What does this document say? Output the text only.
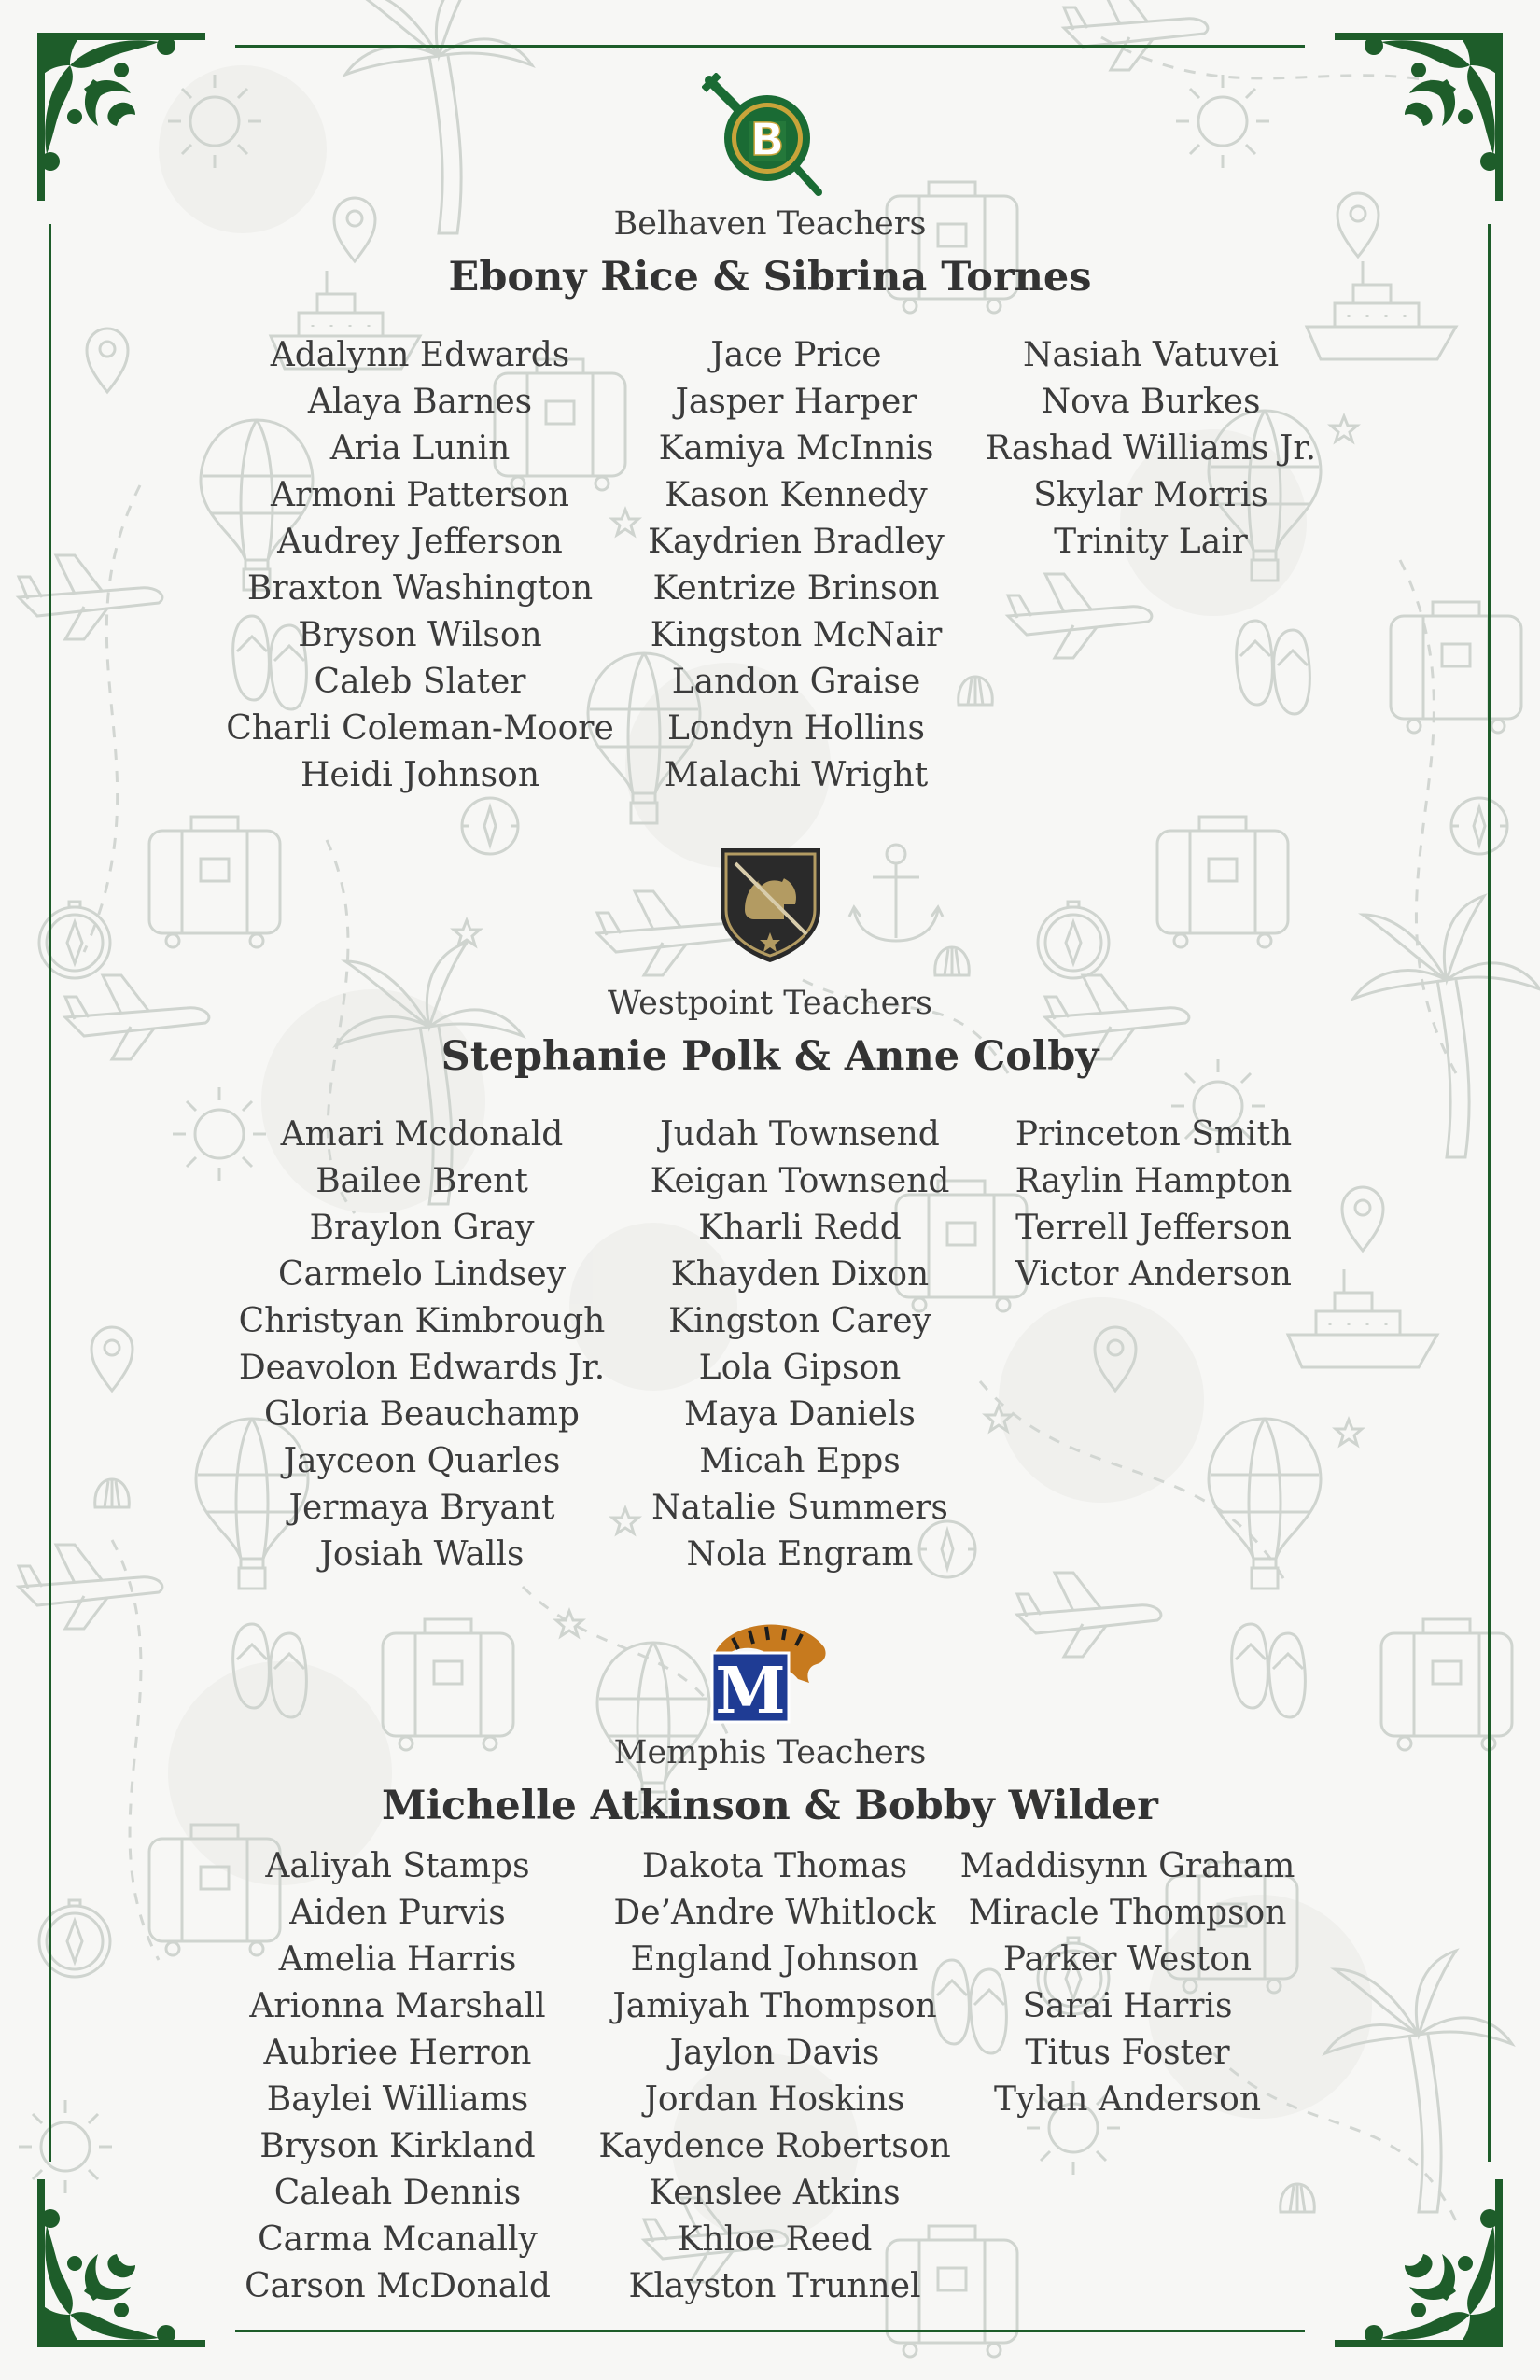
B
Belhaven Teachers
Ebony Rice & Sibrina Tornes
Adalynn Edwards
Alaya Barnes
Aria Lunin
Armoni Patterson
Audrey Jefferson
Braxton Washington
Bryson Wilson
Caleb Slater
Charli Coleman-Moore
Heidi Johnson
Jace Price
Jasper Harper
Kamiya McInnis
Kason Kennedy
Kaydrien Bradley
Kentrize Brinson
Kingston McNair
Landon Graise
Londyn Hollins
Malachi Wright
Nasiah Vatuvei
Nova Burkes
Rashad Williams Jr.
Skylar Morris
Trinity Lair
Westpoint Teachers
Stephanie Polk & Anne Colby
Amari Mcdonald
Bailee Brent
Braylon Gray
Carmelo Lindsey
Christyan Kimbrough
Deavolon Edwards Jr.
Gloria Beauchamp
Jayceon Quarles
Jermaya Bryant
Josiah Walls
Judah Townsend
Keigan Townsend
Kharli Redd
Khayden Dixon
Kingston Carey
Lola Gipson
Maya Daniels
Micah Epps
Natalie Summers
Nola Engram
Princeton Smith
Raylin Hampton
Terrell Jefferson
Victor Anderson
M
Memphis Teachers
Michelle Atkinson & Bobby Wilder
Aaliyah Stamps
Aiden Purvis
Amelia Harris
Arionna Marshall
Aubriee Herron
Baylei Williams
Bryson Kirkland
Caleah Dennis
Carma Mcanally
Carson McDonald
Dakota Thomas
De’Andre Whitlock
England Johnson
Jamiyah Thompson
Jaylon Davis
Jordan Hoskins
Kaydence Robertson
Kenslee Atkins
Khloe Reed
Klayston Trunnel
Maddisynn Graham
Miracle Thompson
Parker Weston
Sarai Harris
Titus Foster
Tylan Anderson
